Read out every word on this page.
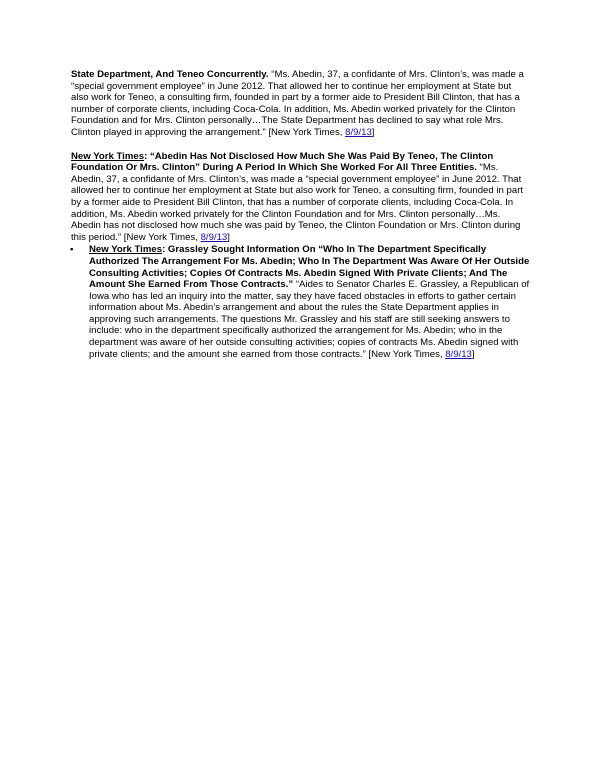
State Department, And Teneo Concurrently. “Ms. Abedin, 37, a confidante of Mrs. Clinton’s, was made a “special government employee” in June 2012. That allowed her to continue her employment at State but also work for Teneo, a consulting firm, founded in part by a former aide to President Bill Clinton, that has a number of corporate clients, including Coca-Cola. In addition, Ms. Abedin worked privately for the Clinton Foundation and for Mrs. Clinton personally…The State Department has declined to say what role Mrs. Clinton played in approving the arrangement.” [New York Times, 8/9/13]

New York Times: “Abedin Has Not Disclosed How Much She Was Paid By Teneo, The Clinton Foundation Or Mrs. Clinton” During A Period In Which She Worked For All Three Entities. “Ms. Abedin, 37, a confidante of Mrs. Clinton’s, was made a “special government employee” in June 2012. That allowed her to continue her employment at State but also work for Teneo, a consulting firm, founded in part by a former aide to President Bill Clinton, that has a number of corporate clients, including Coca-Cola. In addition, Ms. Abedin worked privately for the Clinton Foundation and for Mrs. Clinton personally…Ms. Abedin has not disclosed how much she was paid by Teneo, the Clinton Foundation or Mrs. Clinton during this period.” [New York Times, 8/9/13]

• New York Times: Grassley Sought Information On “Who In The Department Specifically Authorized The Arrangement For Ms. Abedin; Who In The Department Was Aware Of Her Outside Consulting Activities; Copies Of Contracts Ms. Abedin Signed With Private Clients; And The Amount She Earned From Those Contracts.” “Aides to Senator Charles E. Grassley, a Republican of Iowa who has led an inquiry into the matter, say they have faced obstacles in efforts to gather certain information about Ms. Abedin’s arrangement and about the rules the State Department applies in approving such arrangements. The questions Mr. Grassley and his staff are still seeking answers to include: who in the department specifically authorized the arrangement for Ms. Abedin; who in the department was aware of her outside consulting activities; copies of contracts Ms. Abedin signed with private clients; and the amount she earned from those contracts.” [New York Times, 8/9/13]
